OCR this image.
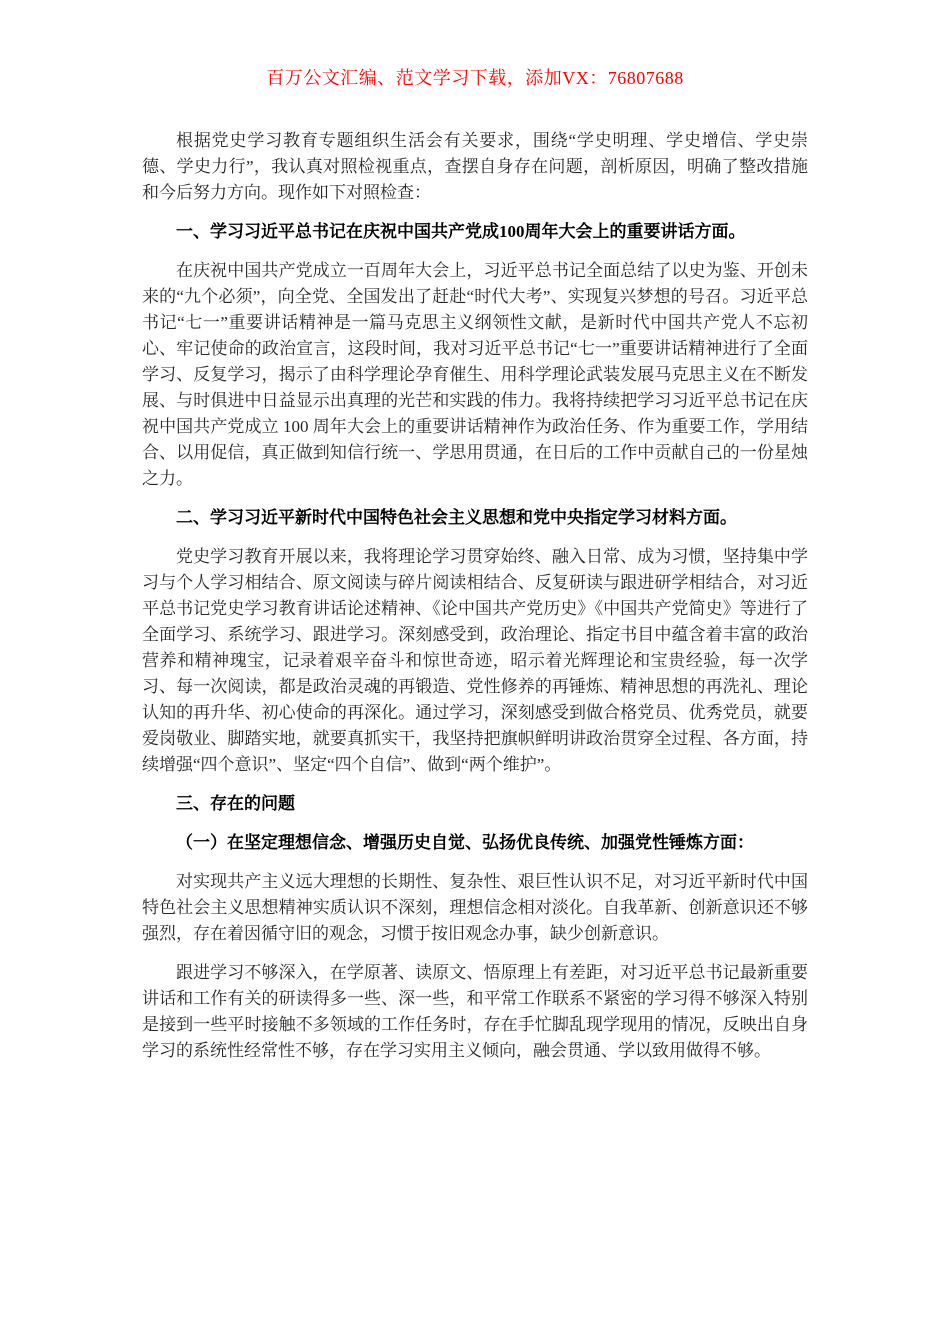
百万公文汇编、范文学习下载，添加VX：76807688

根据党史学习教育专题组织生活会有关要求，围绕“学史明理、学史增信、学史崇德、学史力行”，我认真对照检视重点，查摆自身存在问题，剖析原因，明确了整改措施和今后努力方向。现作如下对照检查：

一、学习习近平总书记在庆祝中国共产党成100周年大会上的重要讲话方面。

在庆祝中国共产党成立一百周年大会上，习近平总书记全面总结了以史为鉴、开创未来的“九个必须”，向全党、全国发出了赶赴“时代大考”、实现复兴梦想的号召。习近平总书记“七一”重要讲话精神是一篇马克思主义纲领性文献，是新时代中国共产党人不忘初心、牢记使命的政治宣言，这段时间，我对习近平总书记“七一”重要讲话精神进行了全面学习、反复学习，揭示了由科学理论孕育催生、用科学理论武装发展马克思主义在不断发展、与时俱进中日益显示出真理的光芒和实践的伟力。我将持续把学习习近平总书记在庆祝中国共产党成立 100 周年大会上的重要讲话精神作为政治任务、作为重要工作，学用结合、以用促信，真正做到知信行统一、学思用贯通，在日后的工作中贡献自己的一份星烛之力。

二、学习习近平新时代中国特色社会主义思想和党中央指定学习材料方面。

党史学习教育开展以来，我将理论学习贯穿始终、融入日常、成为习惯，坚持集中学习与个人学习相结合、原文阅读与碎片阅读相结合、反复研读与跟进研学相结合，对习近平总书记党史学习教育讲话论述精神、《论中国共产党历史》《中国共产党简史》等进行了全面学习、系统学习、跟进学习。深刻感受到，政治理论、指定书目中蕴含着丰富的政治营养和精神瑰宝，记录着艰辛奋斗和惊世奇迹，昭示着光辉理论和宝贵经验，每一次学习、每一次阅读，都是政治灵魂的再锻造、党性修养的再锤炼、精神思想的再洗礼、理论认知的再升华、初心使命的再深化。通过学习，深刻感受到做合格党员、优秀党员，就要爱岗敬业、脚踏实地，就要真抓实干，我坚持把旗帜鲜明讲政治贯穿全过程、各方面，持续增强“四个意识”、坚定“四个自信”、做到“两个维护”。

三、存在的问题

（一）在坚定理想信念、增强历史自觉、弘扬优良传统、加强党性锤炼方面：

对实现共产主义远大理想的长期性、复杂性、艰巨性认识不足，对习近平新时代中国特色社会主义思想精神实质认识不深刻，理想信念相对淡化。自我革新、创新意识还不够强烈，存在着因循守旧的观念，习惯于按旧观念办事，缺少创新意识。

跟进学习不够深入，在学原著、读原文、悟原理上有差距，对习近平总书记最新重要讲话和工作有关的研读得多一些、深一些，和平常工作联系不紧密的学习得不够深入特别是接到一些平时接触不多领域的工作任务时，存在手忙脚乱现学现用的情况，反映出自身学习的系统性经常性不够，存在学习实用主义倾向，融会贯通、学以致用做得不够。
